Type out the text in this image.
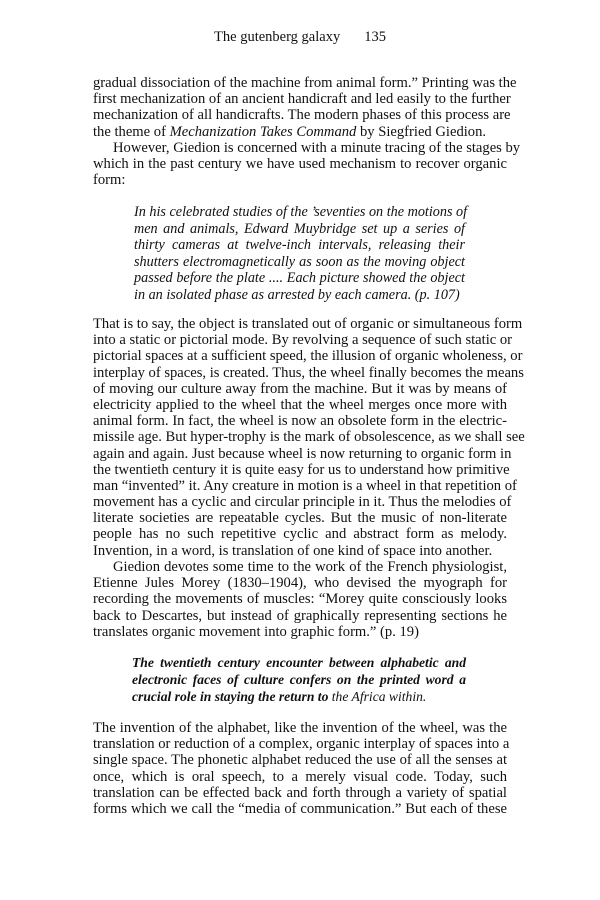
The gutenberg galaxy 135
gradual dissociation of the machine from animal form.” Printing was the
first mechanization of an ancient handicraft and led easily to the further
mechanization of all handicrafts. The modern phases of this process are
the theme of Mechanization Takes Command by Siegfried Giedion.
However, Giedion is concerned with a minute tracing of the stages by
which in the past century we have used mechanism to recover organic
form:
In his celebrated studies of the ’seventies on the motions of
men and animals, Edward Muybridge set up a series of
thirty cameras at twelve-inch intervals, releasing their
shutters electromagnetically as soon as the moving object
passed before the plate .... Each picture showed the object
in an isolated phase as arrested by each camera. (p. 107)
That is to say, the object is translated out of organic or simultaneous form
into a static or pictorial mode. By revolving a sequence of such static or
pictorial spaces at a sufficient speed, the illusion of organic wholeness, or
interplay of spaces, is created. Thus, the wheel finally becomes the means
of moving our culture away from the machine. But it was by means of
electricity applied to the wheel that the wheel merges once more with
animal form. In fact, the wheel is now an obsolete form in the electric-
missile age. But hyper-trophy is the mark of obsolescence, as we shall see
again and again. Just because wheel is now returning to organic form in
the twentieth century it is quite easy for us to understand how primitive
man “invented” it. Any creature in motion is a wheel in that repetition of
movement has a cyclic and circular principle in it. Thus the melodies of
literate societies are repeatable cycles. But the music of non-literate
people has no such repetitive cyclic and abstract form as melody.
Invention, in a word, is translation of one kind of space into another.
Giedion devotes some time to the work of the French physiologist,
Etienne Jules Morey (1830–1904), who devised the myograph for
recording the movements of muscles: “Morey quite consciously looks
back to Descartes, but instead of graphically representing sections he
translates organic movement into graphic form.” (p. 19)
The twentieth century encounter between alphabetic and
electronic faces of culture confers on the printed word a
crucial role in staying the return to the Africa within.
The invention of the alphabet, like the invention of the wheel, was the
translation or reduction of a complex, organic interplay of spaces into a
single space. The phonetic alphabet reduced the use of all the senses at
once, which is oral speech, to a merely visual code. Today, such
translation can be effected back and forth through a variety of spatial
forms which we call the “media of communication.” But each of these
